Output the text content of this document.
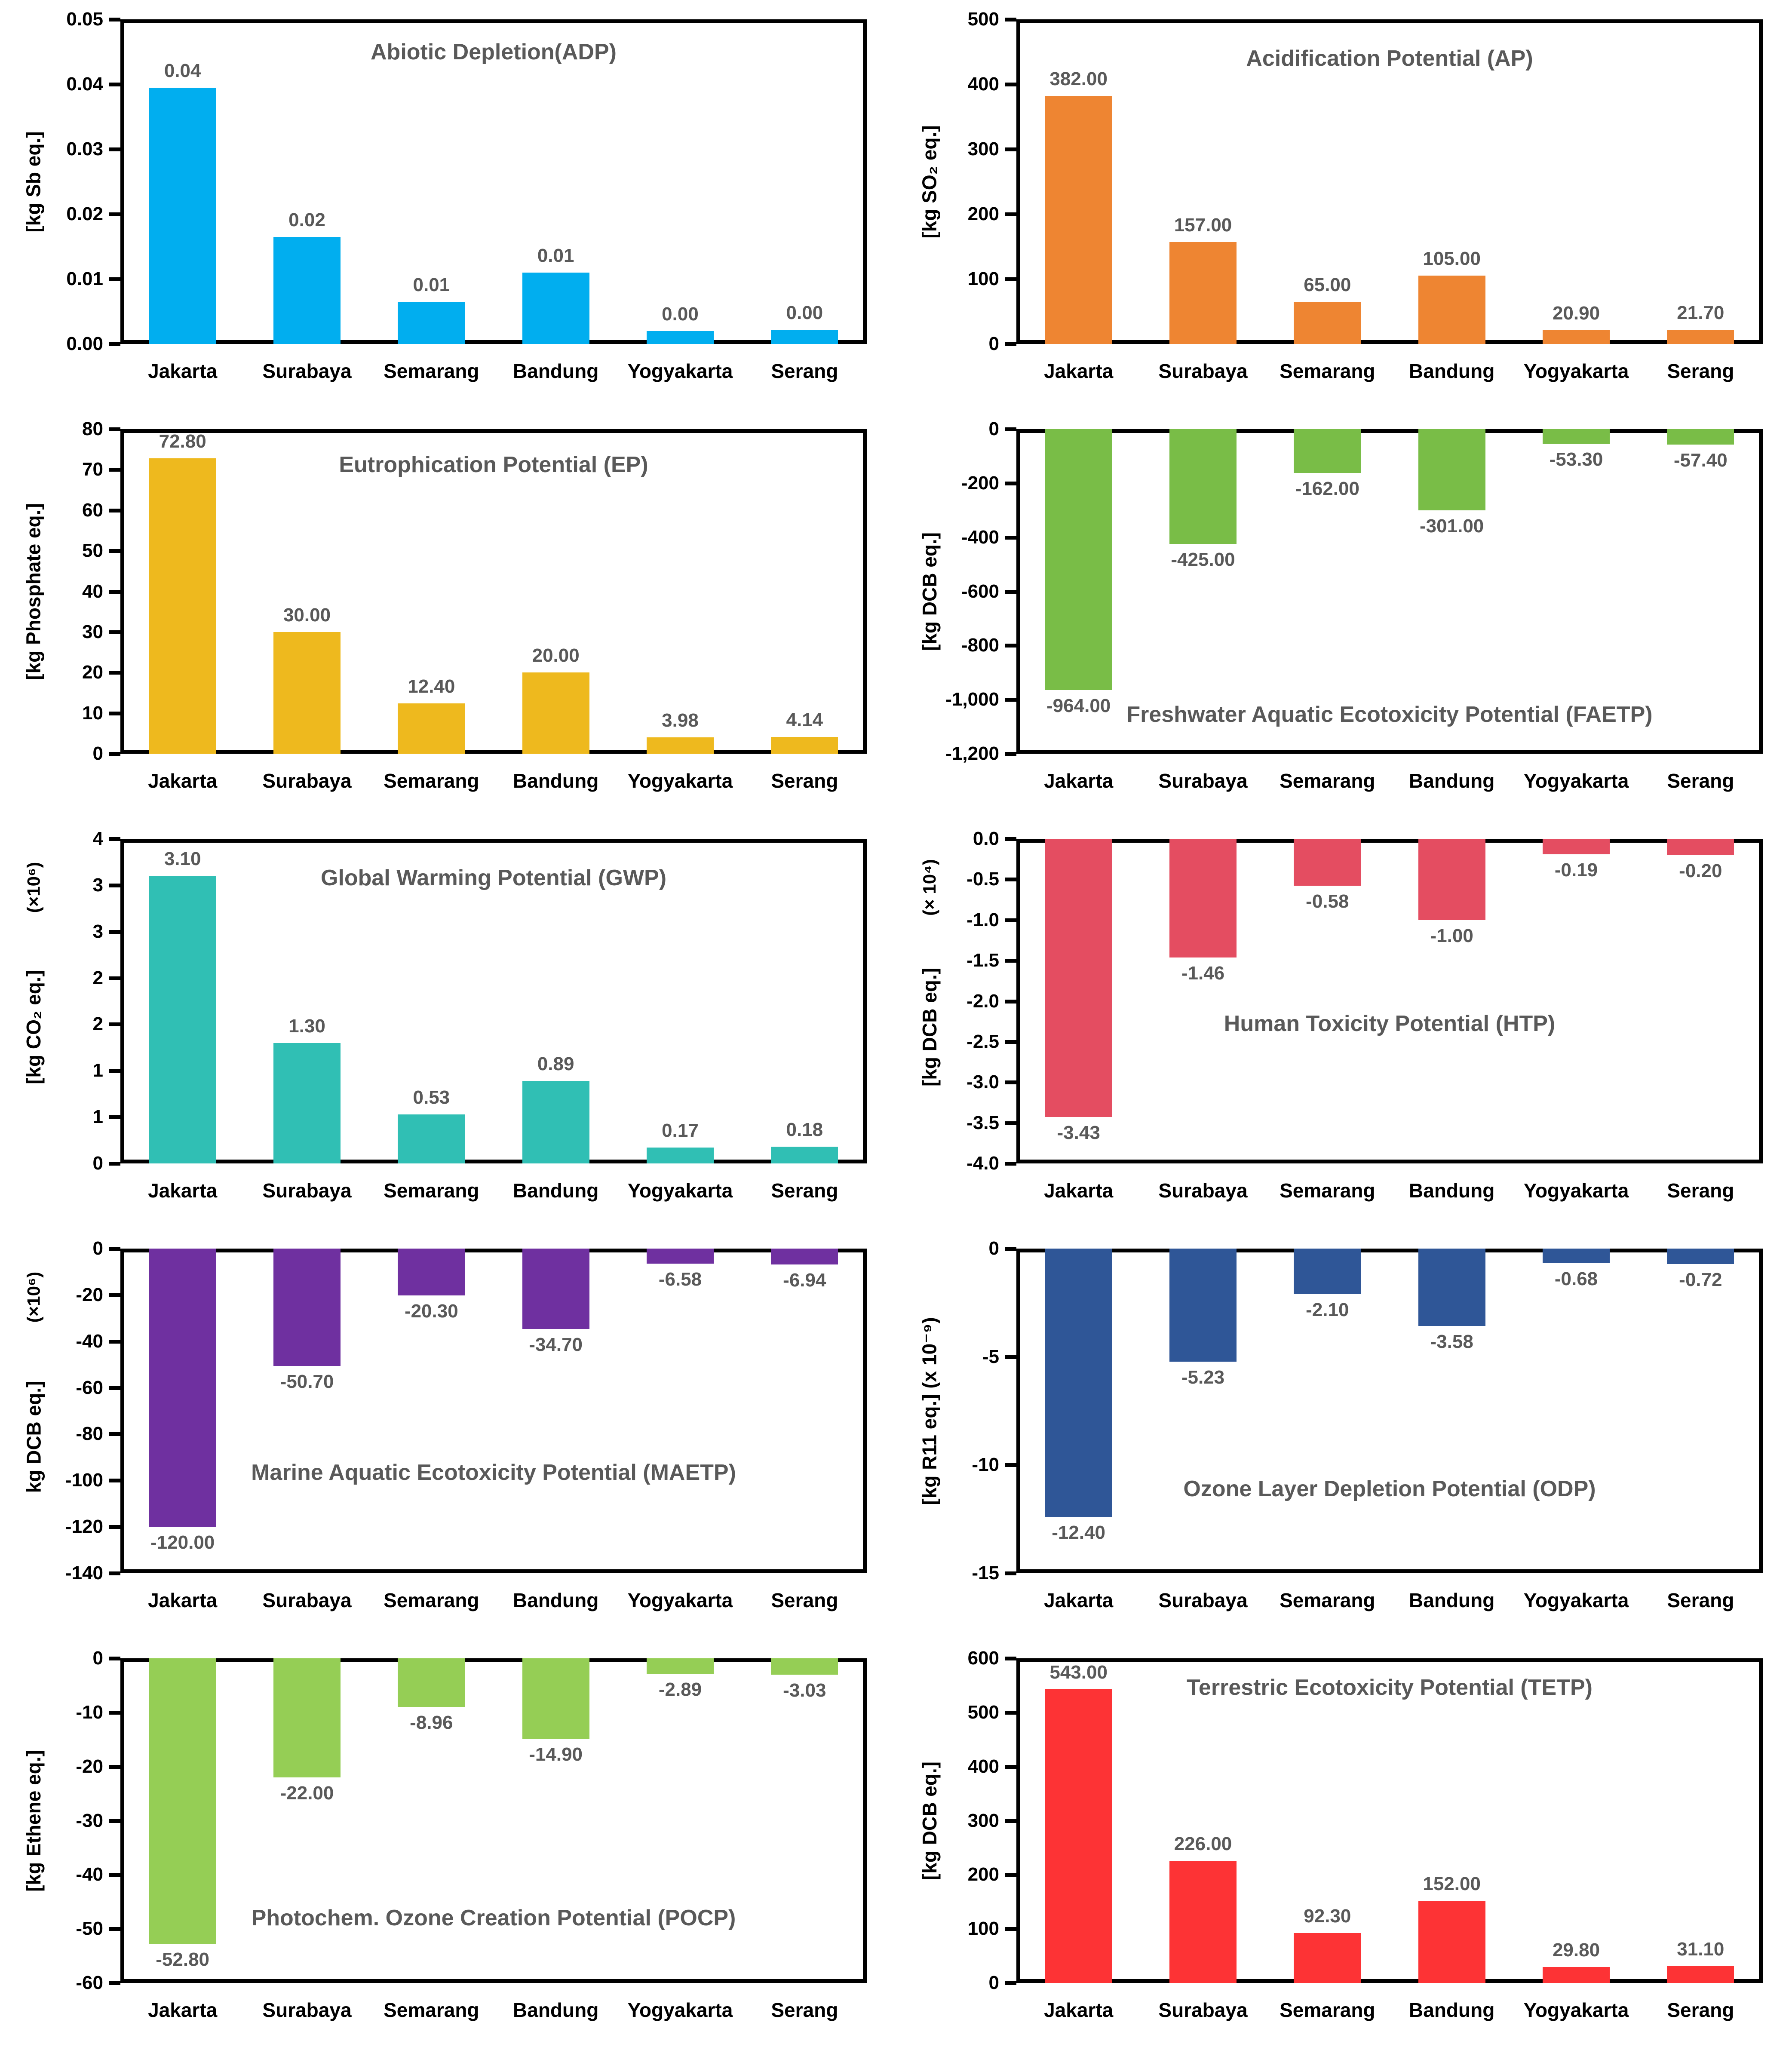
0.05
0.04
0.03
0.02
0.01
0.00
0.04
0.02
0.01
0.01
0.00	0.00
Abiotic Depletion(ADP)
[kg Sb eq.]
Jakarta	Surabaya	Semarang	Bandung	Yogyakarta	Serang
500
400
300
200
100
0
382.00
157.00
65.00
105.00
20.90	21.70
Acidification Potential (AP)
[kg SO₂ eq.]
Jakarta	Surabaya	Semarang	Bandung	Yogyakarta	Serang
80
70
60
50
40
30
20
10
0
72.80
30.00
12.40
20.00
3.98	4.14
Eutrophication Potential (EP)
[kg Phosphate eq.]
Jakarta	Surabaya	Semarang	Bandung	Yogyakarta	Serang
0
-200
-400
-600
-800
-1,000
-1,200
-964.00
-425.00
-162.00
-301.00
-53.30	-57.40
Freshwater Aquatic Ecotoxicity Potential (FAETP)
[kg DCB eq.]
Jakarta	Surabaya	Semarang	Bandung	Yogyakarta	Serang
4
3
3
2
2
1
1
0
3.10
1.30
0.53
0.89
0.17	0.18
Global Warming Potential (GWP)
[kg CO₂ eq.]
(×10⁶)
Jakarta	Surabaya	Semarang	Bandung	Yogyakarta	Serang
0.0
-0.5
-1.0
-1.5
-2.0
-2.5
-3.0
-3.5
-4.0
-3.43
-1.46
-0.58
-1.00
-0.19	-0.20
Human Toxicity Potential (HTP)
[kg DCB eq.]
(× 10⁴)
Jakarta	Surabaya	Semarang	Bandung	Yogyakarta	Serang
0
-20
-40
-60
-80
-100
-120
-140
-120.00
-50.70
-20.30
-34.70
-6.58	-6.94
Marine Aquatic Ecotoxicity Potential (MAETP)
kg DCB eq.]
(×10⁶)
Jakarta	Surabaya	Semarang	Bandung	Yogyakarta	Serang
0
-5
-10
-15
-12.40
-5.23
-2.10
-3.58
-0.68	-0.72
Ozone Layer Depletion Potential (ODP)
[kg R11 eq.] (x 10⁻⁹)
Jakarta	Surabaya	Semarang	Bandung	Yogyakarta	Serang
0
-10
-20
-30
-40
-50
-60
-52.80
-22.00
-8.96
-14.90
-2.89	-3.03
Photochem. Ozone Creation Potential (POCP)
[kg Ethene eq.]
Jakarta	Surabaya	Semarang	Bandung	Yogyakarta	Serang
600
500
400
300
200
100
0
543.00
226.00
92.30
152.00
29.80	31.10
Terrestric Ecotoxicity Potential (TETP)
[kg DCB eq.]
Jakarta	Surabaya	Semarang	Bandung	Yogyakarta	Serang
